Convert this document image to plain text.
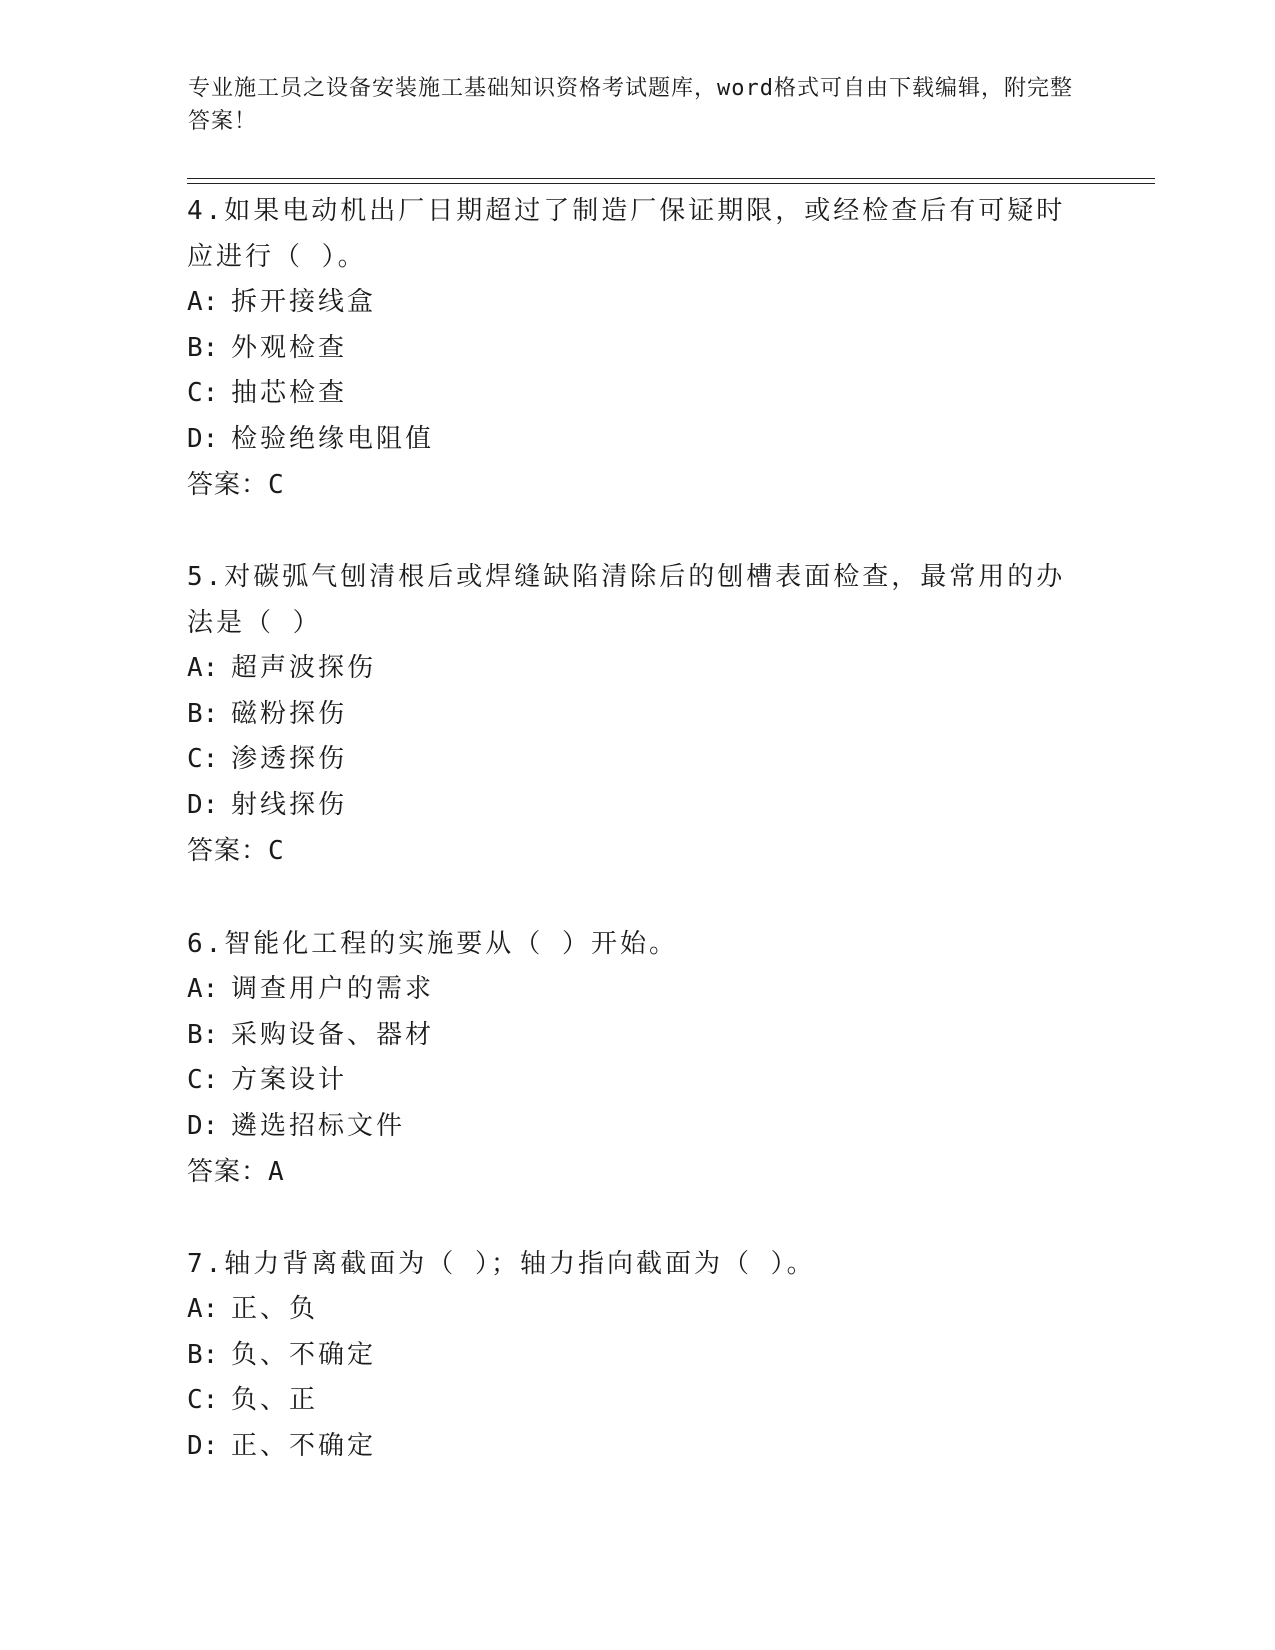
专业施工员之设备安装施工基础知识资格考试题库，word格式可自由下载编辑，附完整答案！

4.如果电动机出厂日期超过了制造厂保证期限，或经检查后有可疑时应进行（ ）。

A: 拆开接线盒

B: 外观检查

C: 抽芯检查

D: 检验绝缘电阻值

答案：C

5.对碳弧气刨清根后或焊缝缺陷清除后的刨槽表面检查，最常用的办法是（ ）

A: 超声波探伤

B: 磁粉探伤

C: 渗透探伤

D: 射线探伤

答案：C

6.智能化工程的实施要从（ ）开始。

A: 调查用户的需求

B: 采购设备、器材

C: 方案设计

D: 遴选招标文件

答案：A

7.轴力背离截面为（ ）；轴力指向截面为（ ）。

A: 正、负

B: 负、不确定

C: 负、正

D: 正、不确定
